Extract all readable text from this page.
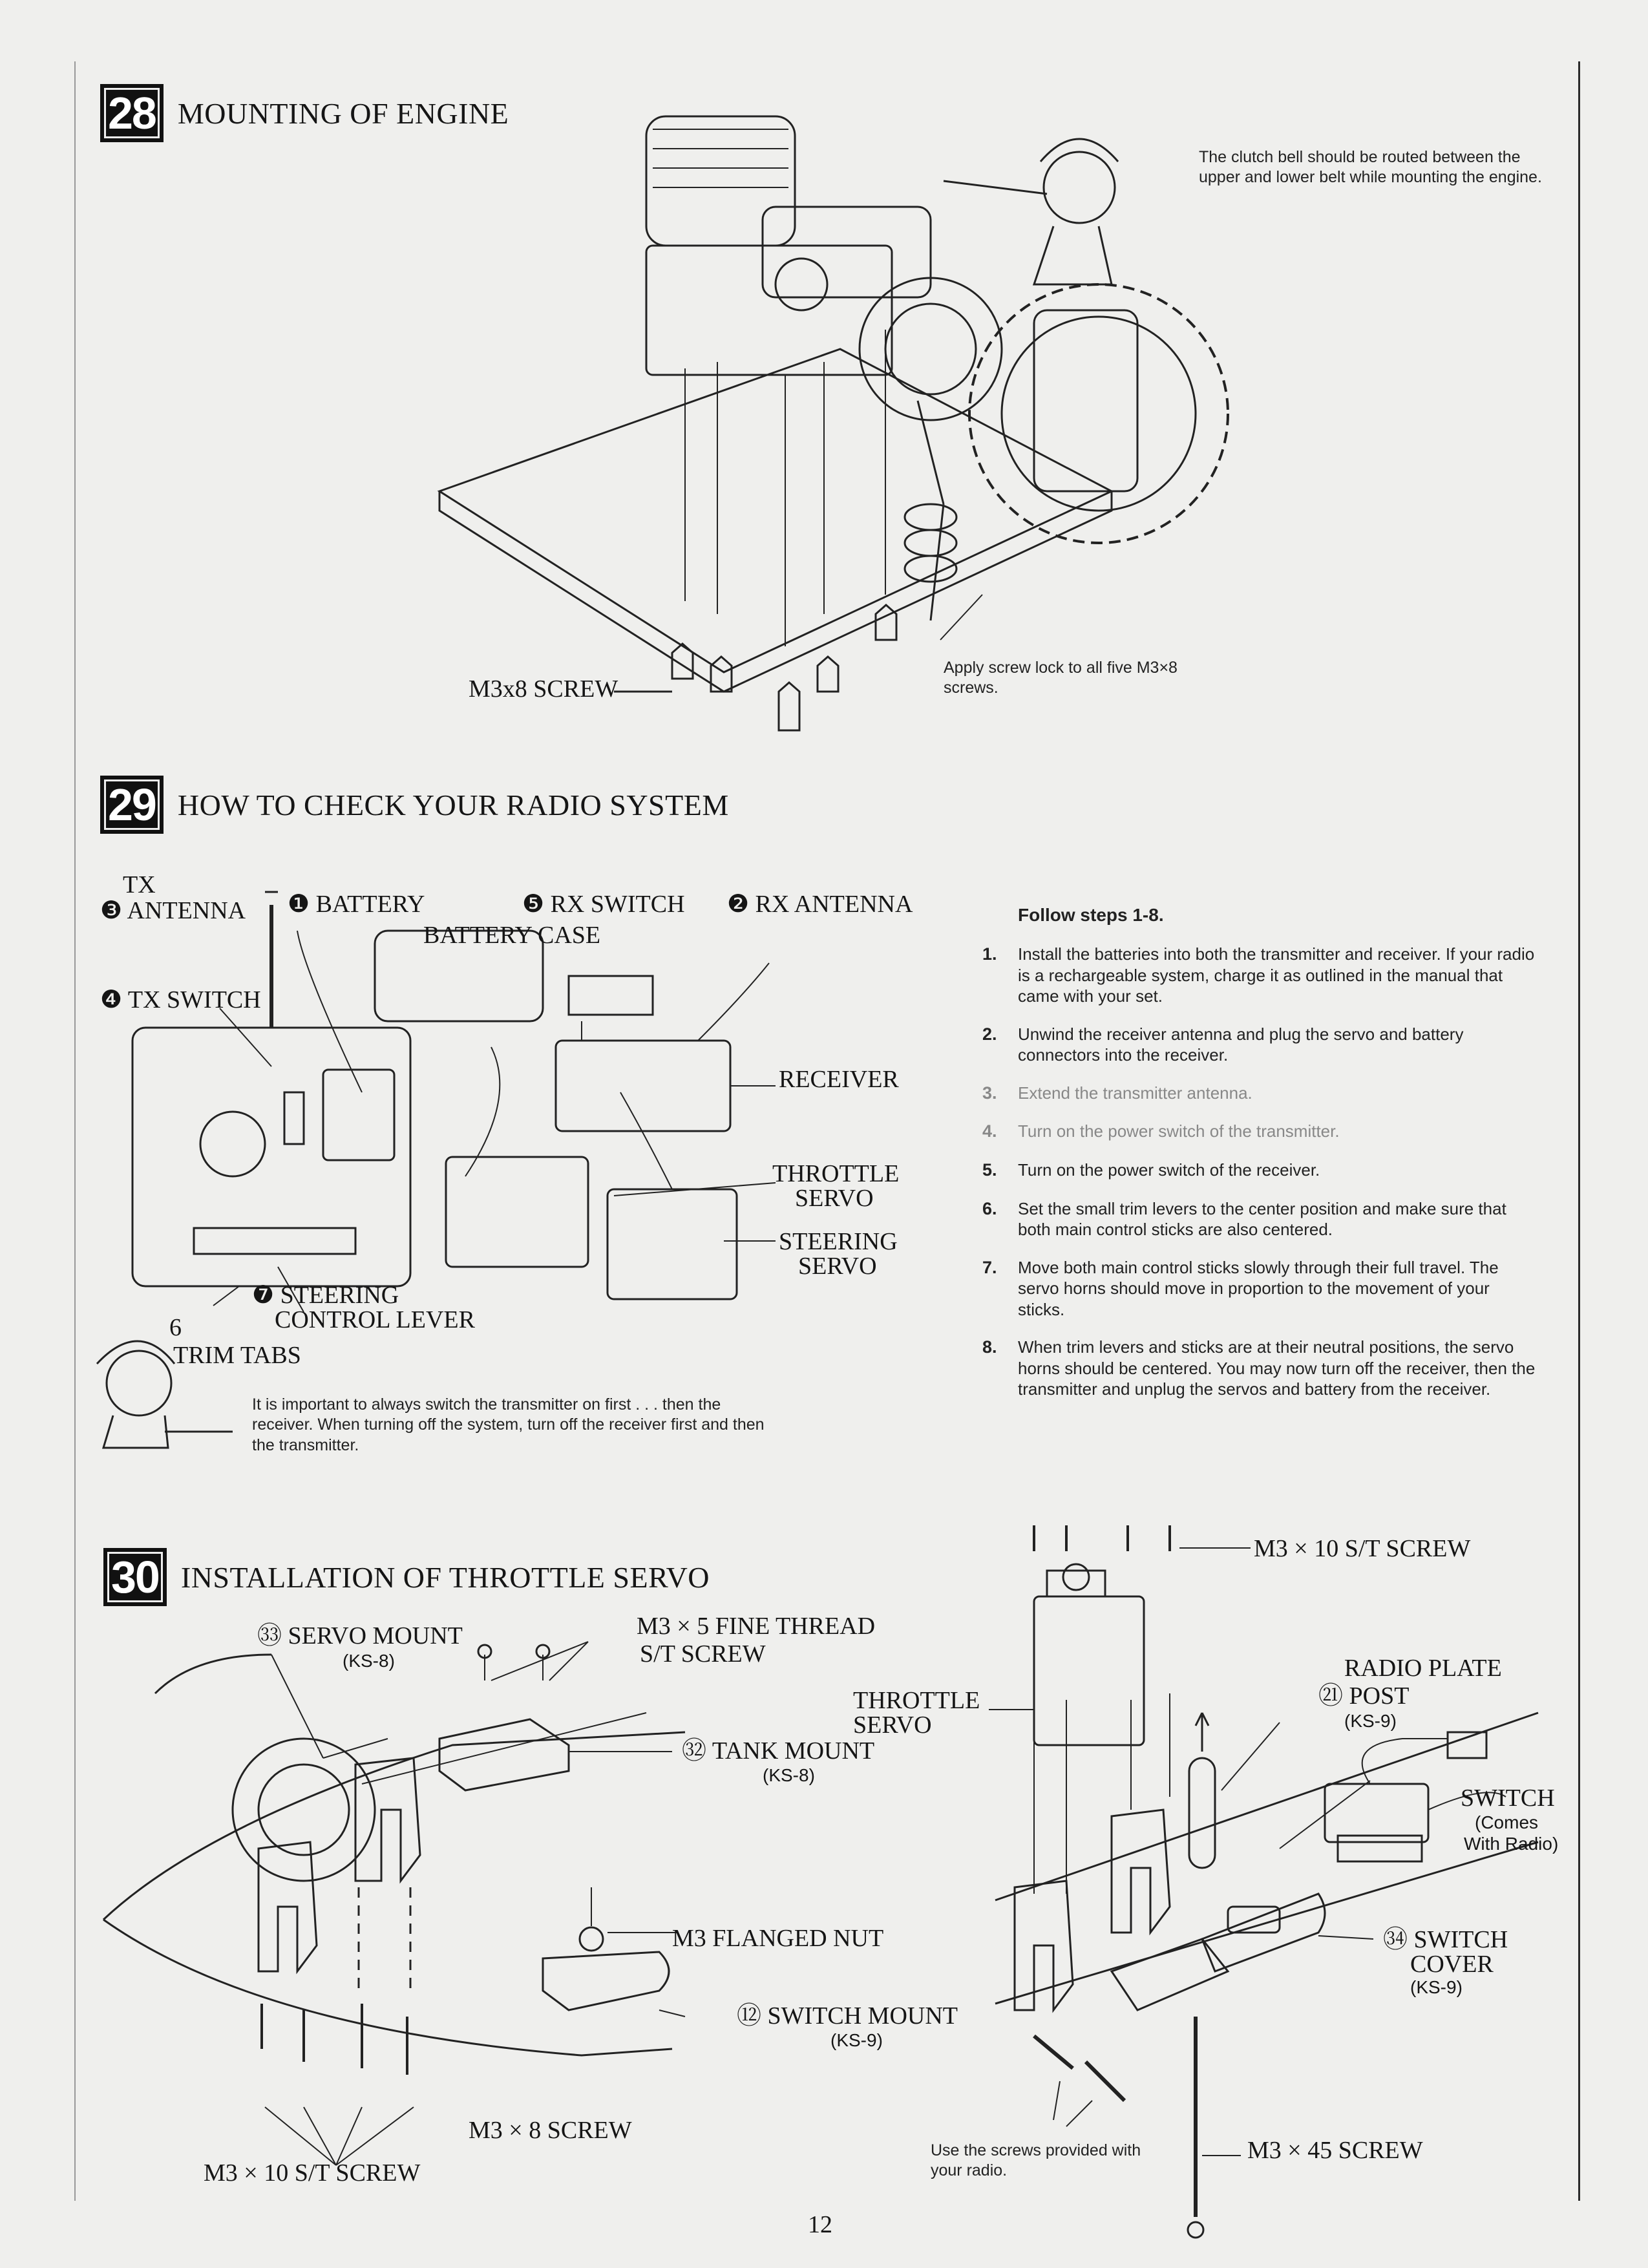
28 MOUNTING OF ENGINE
The clutch bell should be routed between the upper and lower belt while mounting the engine.
M3x8 SCREW
Apply screw lock to all five M3×8 screws.
29 HOW TO CHECK YOUR RADIO SYSTEM
TX
❸ ANTENNA ❶ BATTERY
BATTERY CASE
❺ RX SWITCH ❷ RX ANTENNA
❹ TX SWITCH
RECEIVER
THROTTLE
SERVO
STEERING
SERVO
❼ STEERING
CONTROL LEVER
6
TRIM TABS
It is important to always switch the transmitter on first . . . then the receiver. When turning off the system, turn off the receiver first and then the transmitter.
Follow steps 1-8.
1.	Install the batteries into both the transmitter and receiver. If your radio is a rechargeable system, charge it as outlined in the manual that came with your set.
2.	Unwind the receiver antenna and plug the servo and battery connectors into the receiver.
3.	Extend the transmitter antenna.
4.	Turn on the power switch of the transmitter.
5.	Turn on the power switch of the receiver.
6.	Set the small trim levers to the center position and make sure that both main control sticks are also centered.
7.	Move both main control sticks slowly through their full travel. The servo horns should move in proportion to the movement of your sticks.
8.	When trim levers and sticks are at their neutral positions, the servo horns should be centered. You may now turn off the receiver, then the transmitter and unplug the servos and battery from the receiver.
30 INSTALLATION OF THROTTLE SERVO
㉝ SERVO MOUNT
(KS-8)
M3 × 5 FINE THREAD
S/T SCREW
㉜ TANK MOUNT
(KS-8)
M3 FLANGED NUT
⑫ SWITCH MOUNT
(KS-9)
M3 × 8 SCREW
M3 × 10 S/T SCREW
M3 × 10 S/T SCREW
RADIO PLATE
㉑ POST
(KS-9)
THROTTLE
SERVO
SWITCH
(Comes
With Radio)
㉞ SWITCH
COVER
(KS-9)
M3 × 45 SCREW
Use the screws provided with your radio.
12
